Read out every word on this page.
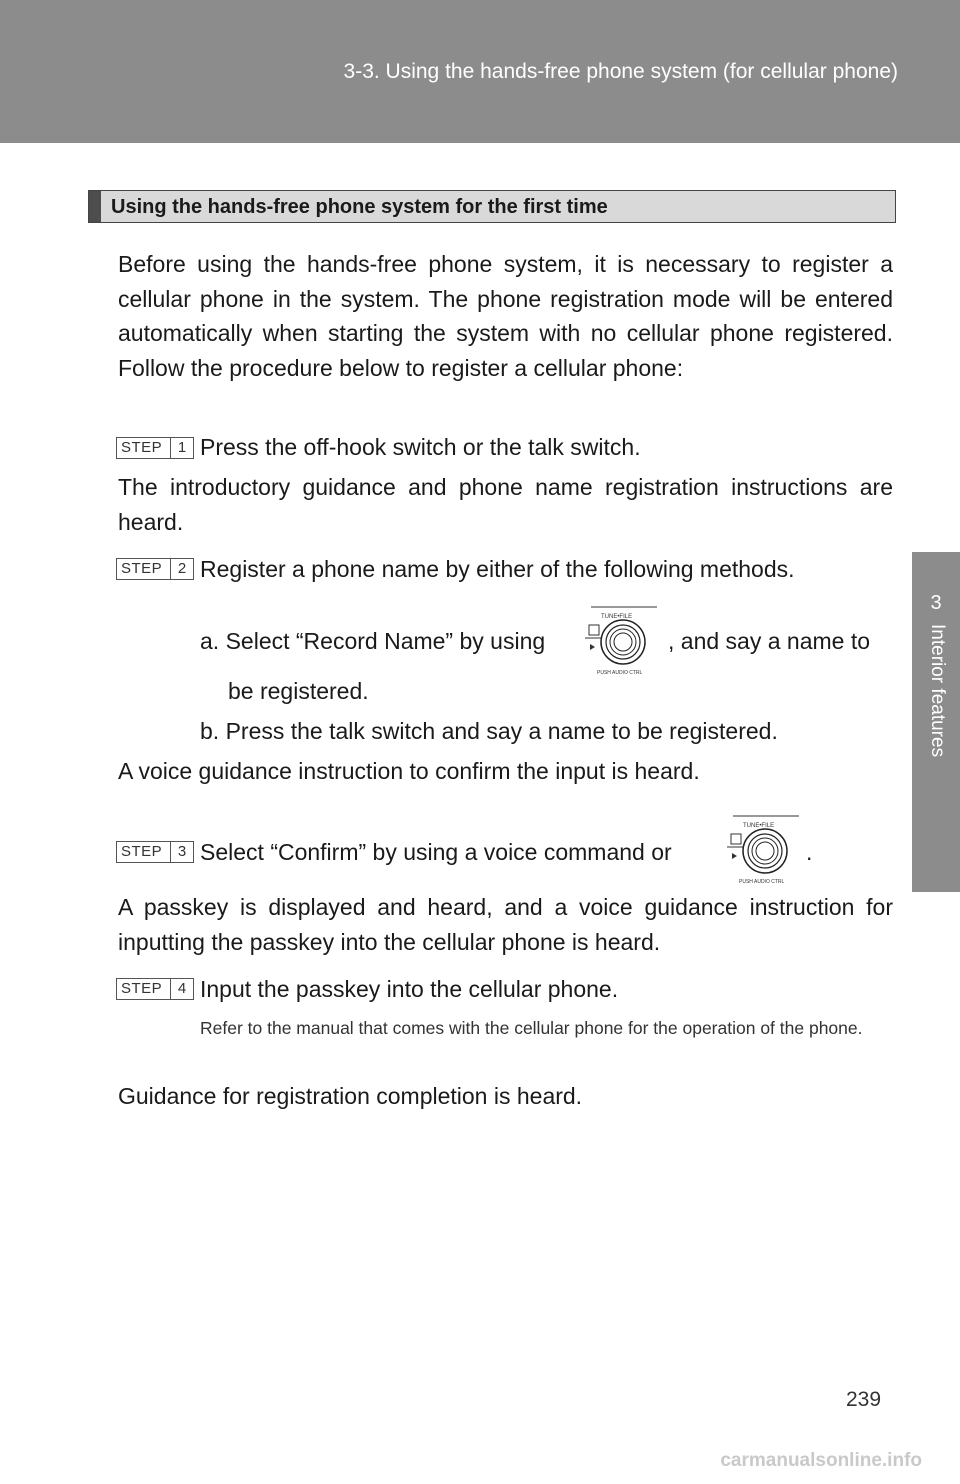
3-3. Using the hands-free phone system (for cellular phone)
3
Interior features
Using the hands-free phone system for the first time
Before using the hands-free phone system, it is necessary to register a cellular phone in the system. The phone registration mode will be entered automatically when starting the system with no cellular phone registered. Follow the procedure below to register a cellular phone:
STEP	1 Press the off-hook switch or the talk switch.
The introductory guidance and phone name registration instructions are heard.
STEP	2 Register a phone name by either of the following methods.
a. Select “Record Name” by using
TUNE•FILE
PUSH AUDIO CTRL
, and say a name to
be registered.
b. Press the talk switch and say a name to be registered.
A voice guidance instruction to confirm the input is heard.
STEP	3 Select “Confirm” by using a voice command or
TUNE•FILE
PUSH AUDIO CTRL
.
A passkey is displayed and heard, and a voice guidance instruction for inputting the passkey into the cellular phone is heard.
STEP	4 Input the passkey into the cellular phone.
Refer to the manual that comes with the cellular phone for the operation of the phone.
Guidance for registration completion is heard.
239
carmanualsonline.info
